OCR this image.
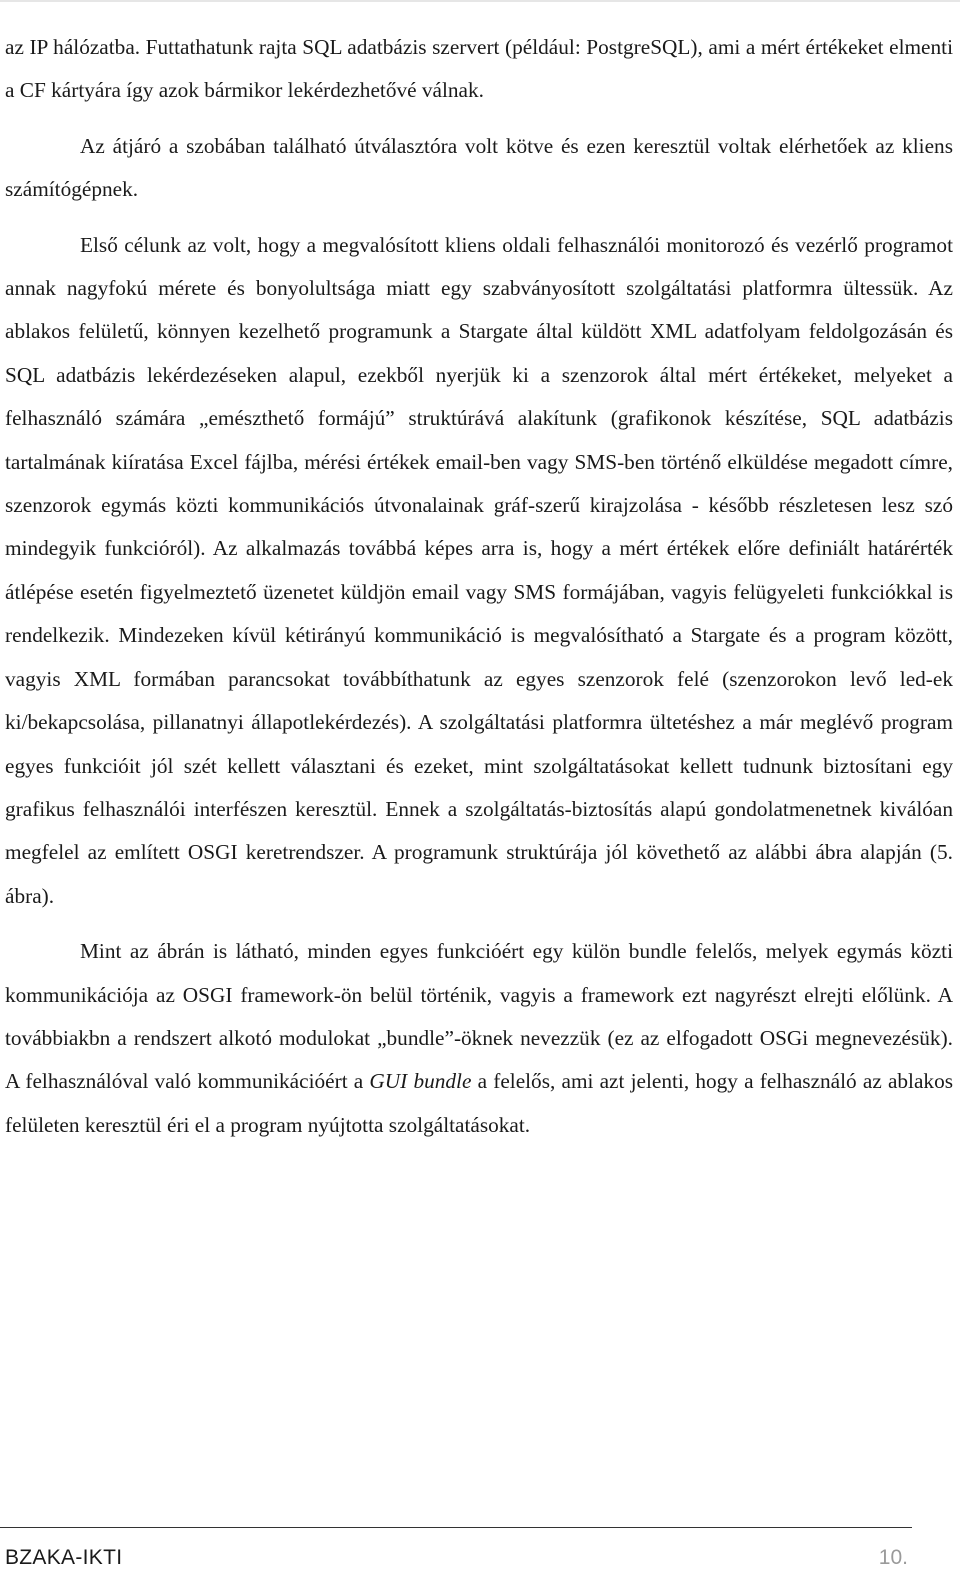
az IP hálózatba. Futtathatunk rajta SQL adatbázis szervert (például: PostgreSQL), ami a mért értékeket elmenti a CF kártyára így azok bármikor lekérdezhetővé válnak.

Az átjáró a szobában található útválasztóra volt kötve és ezen keresztül voltak elérhetőek az kliens számítógépnek.

Első célunk az volt, hogy a megvalósított kliens oldali felhasználói monitorozó és vezérlő programot annak nagyfokú mérete és bonyolultsága miatt egy szabványosított szolgáltatási platformra ültessük. Az ablakos felületű, könnyen kezelhető programunk a Stargate által küldött XML adatfolyam feldolgozásán és SQL adatbázis lekérdezéseken alapul, ezekből nyerjük ki a szenzorok által mért értékeket, melyeket a felhasználó számára „emészthető formájú” struktúrává alakítunk (grafikonok készítése, SQL adatbázis tartalmának kiíratása Excel fájlba, mérési értékek email-ben vagy SMS-ben történő elküldése megadott címre, szenzorok egymás közti kommunikációs útvonalainak gráf-szerű kirajzolása - később részletesen lesz szó mindegyik funkcióról). Az alkalmazás továbbá képes arra is, hogy a mért értékek előre definiált határérték átlépése esetén figyelmeztető üzenetet küldjön email vagy SMS formájában, vagyis felügyeleti funkciókkal is rendelkezik. Mindezeken kívül kétirányú kommunikáció is megvalósítható a Stargate és a program között, vagyis XML formában parancsokat továbbíthatunk az egyes szenzorok felé (szenzorokon levő led-ek ki/bekapcsolása, pillanatnyi állapotlekérdezés). A szolgáltatási platformra ültetéshez a már meglévő program egyes funkcióit jól szét kellett választani és ezeket, mint szolgáltatásokat kellett tudnunk biztosítani egy grafikus felhasználói interfészen keresztül. Ennek a szolgáltatás-biztosítás alapú gondolatmenetnek kiválóan megfelel az említett OSGI keretrendszer. A programunk struktúrája jól követhető az alábbi ábra alapján (5. ábra).

Mint az ábrán is látható, minden egyes funkcióért egy külön bundle felelős, melyek egymás közti kommunikációja az OSGI framework-ön belül történik, vagyis a framework ezt nagyrészt elrejti előlünk. A továbbiakbn a rendszert alkotó modulokat „bundle”-öknek nevezzük (ez az elfogadott OSGi megnevezésük). A felhasználóval való kommunikációért a GUI bundle a felelős, ami azt jelenti, hogy a felhasználó az ablakos felületen keresztül éri el a program nyújtotta szolgáltatásokat.

BZAKA-IKTI	10.
